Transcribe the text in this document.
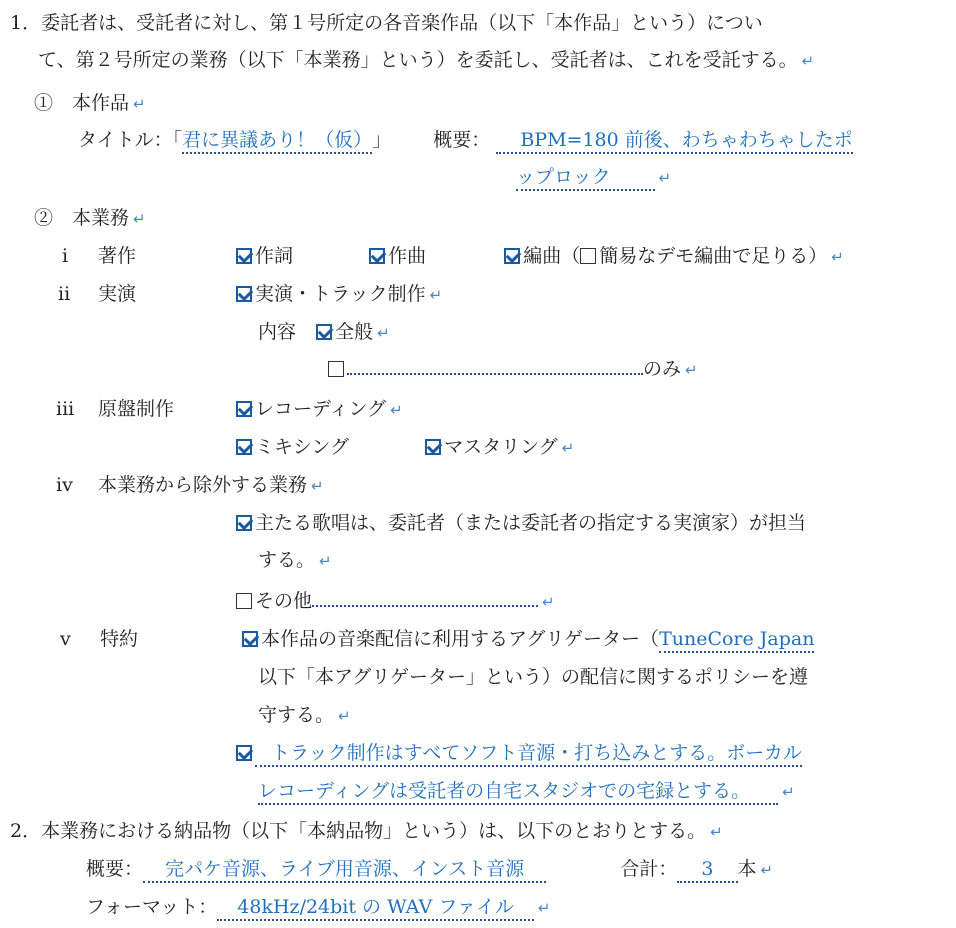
1．委託者は、受託者に対し、第１号所定の各音楽作品（以下「本作品」という）につい
て、第２号所定の業務（以下「本業務」という）を委託し、受託者は、これを受託する。 ↵
①　本作品 ↵
タイトル：「君に異議あり！（仮）」 概要： BPM=180 前後、わちゃわちゃしたポ
ップロック	↵
②　本業務 ↵
i 著作	作詞	作曲	編曲（ 簡易なデモ編曲で足りる） ↵
ii 実演	実演・トラック制作 ↵
内容 全般 ↵
のみ ↵
iii 原盤制作	レコーディング ↵
ミキシング	マスタリング ↵
iv 本業務から除外する業務 ↵
主たる歌唱は、委託者（または委託者の指定する実演家）が担当
する。 ↵
その他	↵
v 特約	本作品の音楽配信に利用するアグリゲーター（TuneCore Japan
以下「本アグリゲーター」という）の配信に関するポリシーを遵
守する。 ↵
トラック制作はすべてソフト音源・打ち込みとする。ボーカル
レコーディングは受託者の自宅スタジオでの宅録とする。 ↵
2．本業務における納品物（以下「本納品物」という）は、以下のとおりとする。 ↵
概要： 完パケ音源、ライブ用音源、インスト音源	合計： 3 本 ↵
フォーマット： 48kHz/24bit の WAV ファイル ↵
